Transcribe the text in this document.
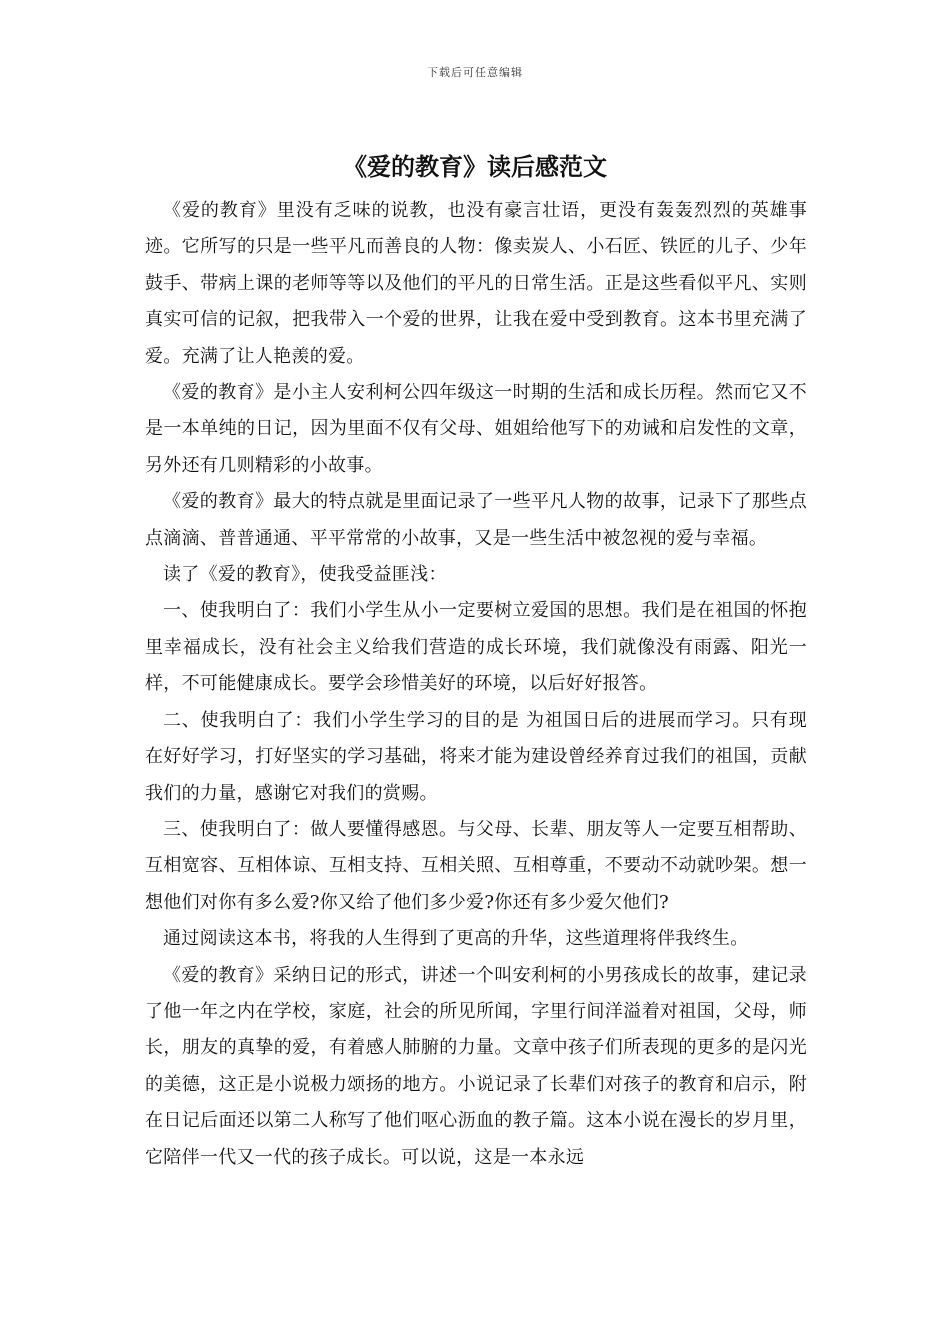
下载后可任意编辑
《爱的教育》读后感范文

《爱的教育》里没有乏味的说教，也没有豪言壮语，更没有轰轰烈烈的英雄事迹。它所写的只是一些平凡而善良的人物：像卖炭人、小石匠、铁匠的儿子、少年鼓手、带病上课的老师等等以及他们的平凡的日常生活。正是这些看似平凡、实则真实可信的记叙，把我带入一个爱的世界，让我在爱中受到教育。这本书里充满了爱。充满了让人艳羡的爱。

《爱的教育》是小主人安利柯公四年级这一时期的生活和成长历程。然而它又不是一本单纯的日记，因为里面不仅有父母、姐姐给他写下的劝诫和启发性的文章，另外还有几则精彩的小故事。

《爱的教育》最大的特点就是里面记录了一些平凡人物的故事，记录下了那些点点滴滴、普普通通、平平常常的小故事，又是一些生活中被忽视的爱与幸福。

读了《爱的教育》，使我受益匪浅：

一、使我明白了：我们小学生从小一定要树立爱国的思想。我们是在祖国的怀抱里幸福成长，没有社会主义给我们营造的成长环境，我们就像没有雨露、阳光一样，不可能健康成长。要学会珍惜美好的环境，以后好好报答。

二、使我明白了：我们小学生学习的目的是 为祖国日后的进展而学习。只有现在好好学习，打好坚实的学习基础，将来才能为建设曾经养育过我们的祖国，贡献我们的力量，感谢它对我们的赏赐。

三、使我明白了：做人要懂得感恩。与父母、长辈、朋友等人一定要互相帮助、互相宽容、互相体谅、互相支持、互相关照、互相尊重，不要动不动就吵架。想一想他们对你有多么爱?你又给了他们多少爱?你还有多少爱欠他们?

通过阅读这本书，将我的人生得到了更高的升华，这些道理将伴我终生。

《爱的教育》采纳日记的形式，讲述一个叫安利柯的小男孩成长的故事，建记录了他一年之内在学校，家庭，社会的所见所闻，字里行间洋溢着对祖国，父母，师长，朋友的真挚的爱，有着感人肺腑的力量。文章中孩子们所表现的更多的是闪光的美德，这正是小说极力颂扬的地方。小说记录了长辈们对孩子的教育和启示，附在日记后面还以第二人称写了他们呕心沥血的教子篇。这本小说在漫长的岁月里，它陪伴一代又一代的孩子成长。可以说，这是一本永远
